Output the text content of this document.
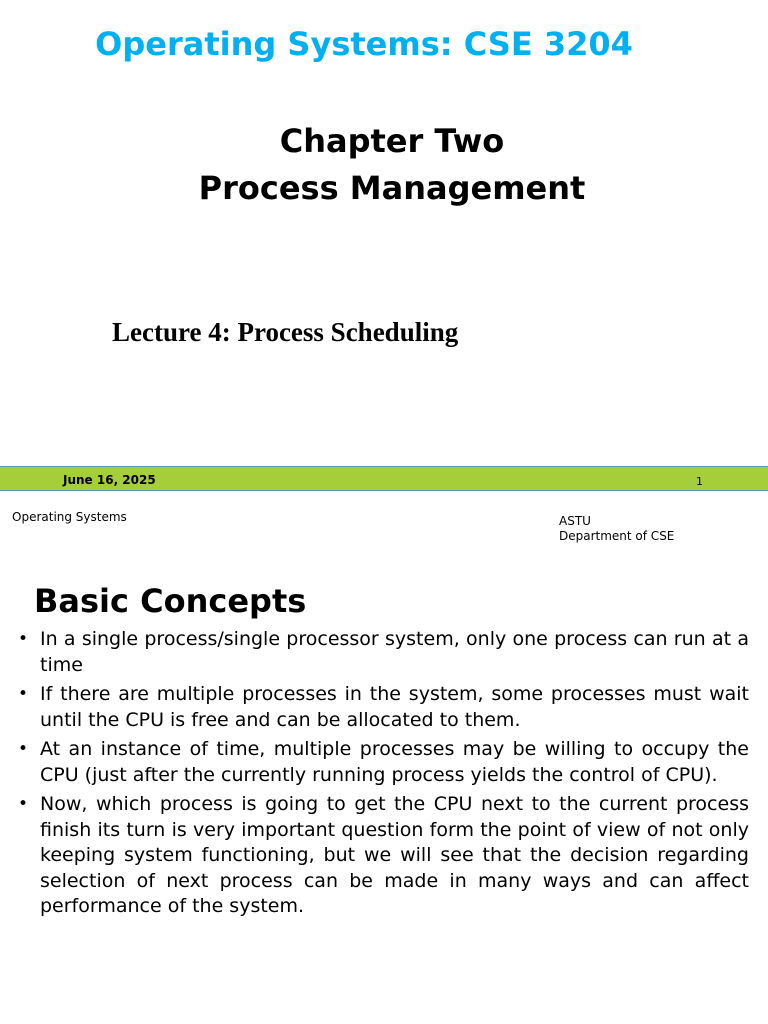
Operating Systems: CSE 3204
Chapter Two
Process Management
Lecture 4: Process Scheduling
June 16, 2025	1
Operating Systems	ASTU
Department of CSE
Basic Concepts
• In a single process/single processor system, only one process can run at a time
• If there are multiple processes in the system, some processes must wait until the CPU is free and can be allocated to them.
• At an instance of time, multiple processes may be willing to occupy the CPU (just after the currently running process yields the control of CPU).
• Now, which process is going to get the CPU next to the current process finish its turn is very important question form the point of view of not only keeping system functioning, but we will see that the decision regarding selection of next process can be made in many ways and can affect performance of the system.
